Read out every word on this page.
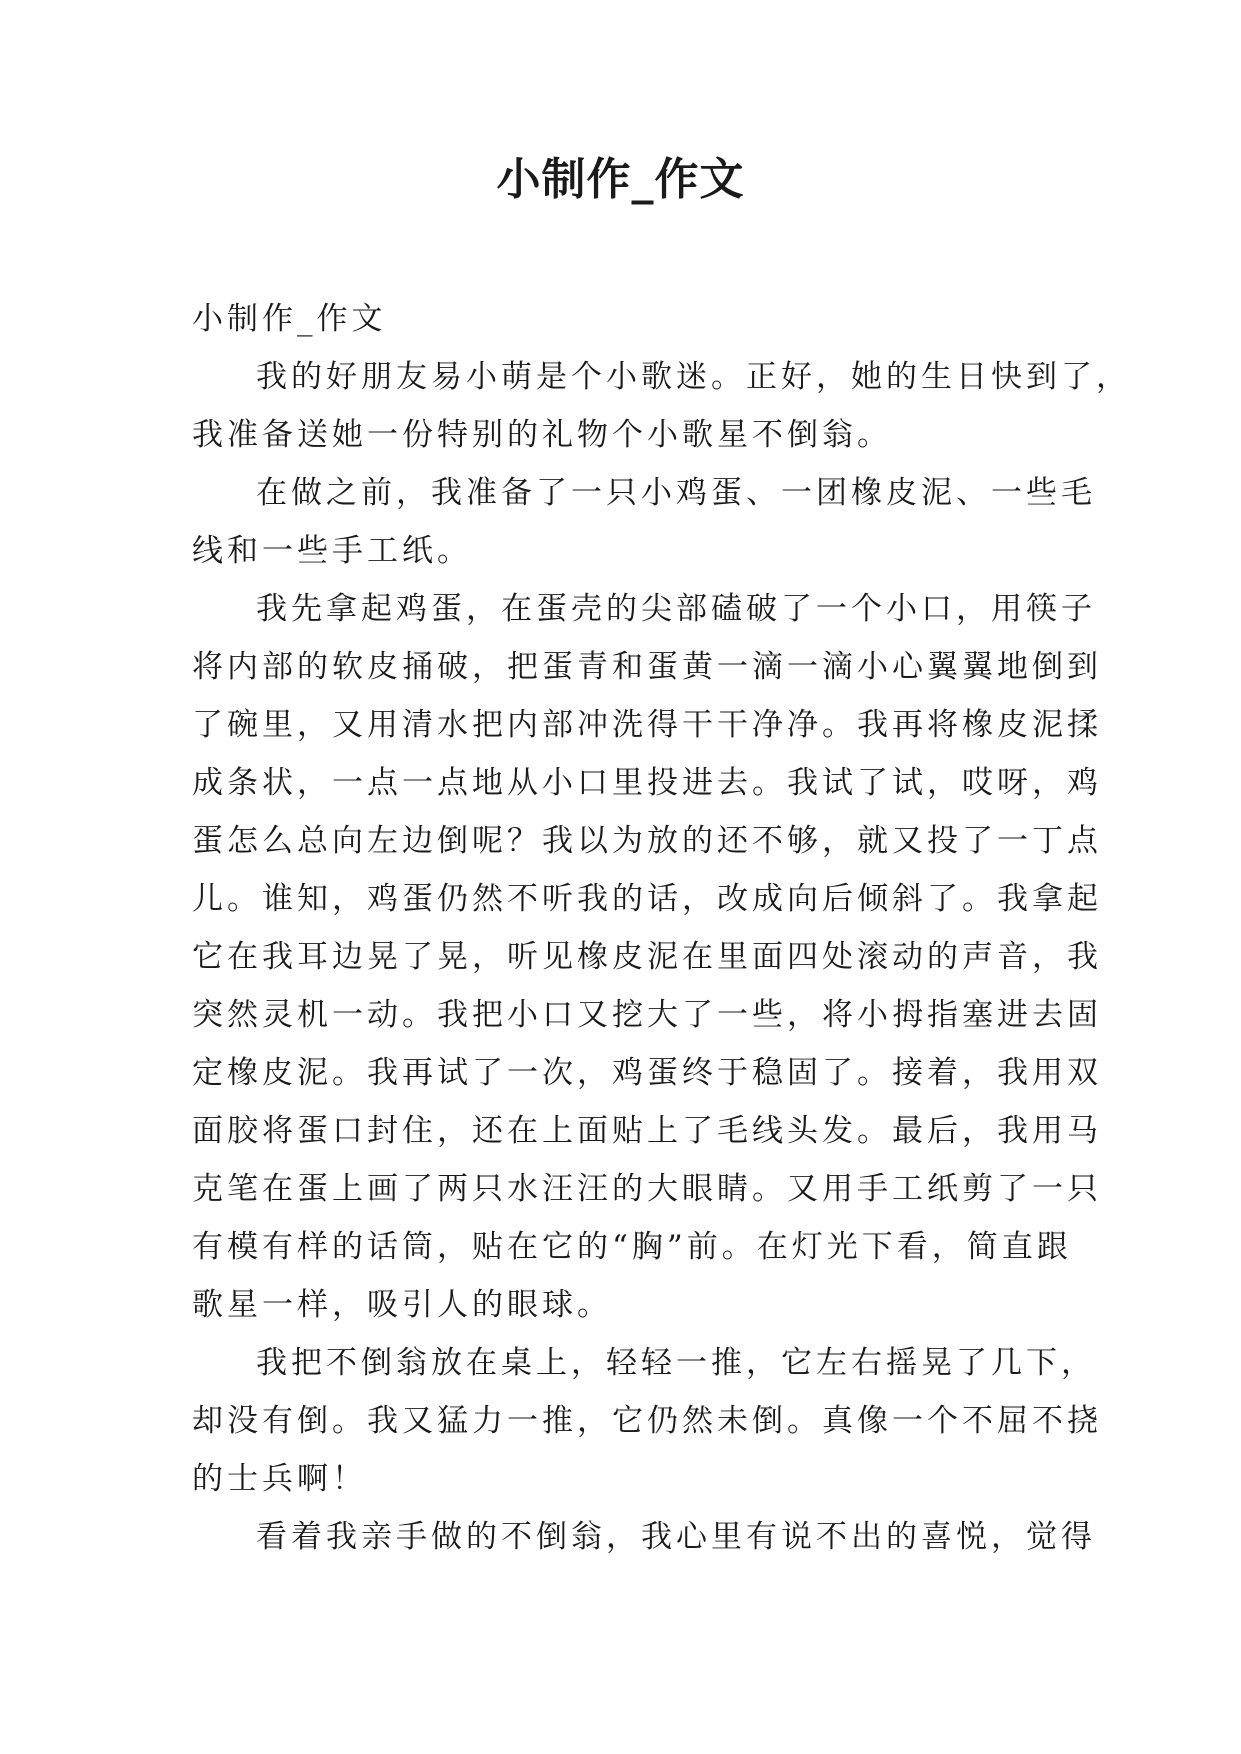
小制作_作文
小制作_作文
我的好朋友易小萌是个小歌迷。正好，她的生日快到了，
我准备送她一份特别的礼物个小歌星不倒翁。
在做之前，我准备了一只小鸡蛋、一团橡皮泥、一些毛
线和一些手工纸。
我先拿起鸡蛋，在蛋壳的尖部磕破了一个小口，用筷子
将内部的软皮捅破，把蛋青和蛋黄一滴一滴小心翼翼地倒到
了碗里，又用清水把内部冲洗得干干净净。我再将橡皮泥揉
成条状，一点一点地从小口里投进去。我试了试，哎呀，鸡
蛋怎么总向左边倒呢？我以为放的还不够，就又投了一丁点
儿。谁知，鸡蛋仍然不听我的话，改成向后倾斜了。我拿起
它在我耳边晃了晃，听见橡皮泥在里面四处滚动的声音，我
突然灵机一动。我把小口又挖大了一些，将小拇指塞进去固
定橡皮泥。我再试了一次，鸡蛋终于稳固了。接着，我用双
面胶将蛋口封住，还在上面贴上了毛线头发。最后，我用马
克笔在蛋上画了两只水汪汪的大眼睛。又用手工纸剪了一只
有模有样的话筒，贴在它的“胸”前。在灯光下看，简直跟
歌星一样，吸引人的眼球。
我把不倒翁放在桌上，轻轻一推，它左右摇晃了几下，
却没有倒。我又猛力一推，它仍然未倒。真像一个不屈不挠
的士兵啊！
看着我亲手做的不倒翁，我心里有说不出的喜悦，觉得
